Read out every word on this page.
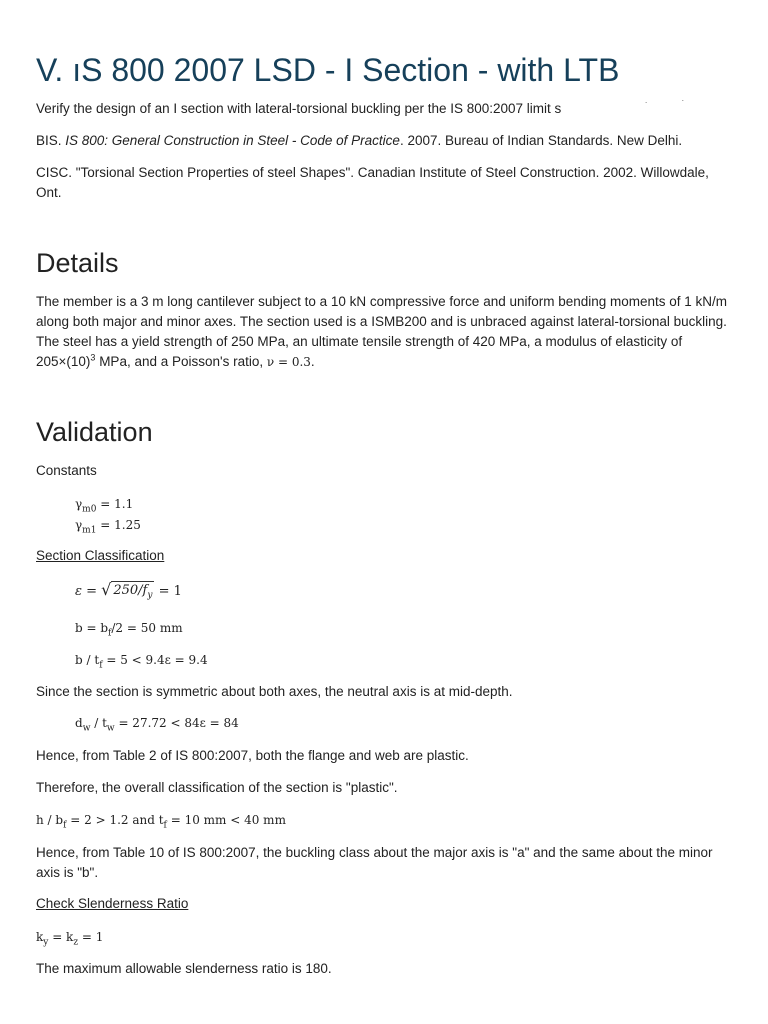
V. ıS 800 2007 LSD - I Section - with LTB

Verify the design of an I section with lateral-torsional buckling per the IS 800:2007 limit s

. ·

BIS. IS 800: General Construction in Steel - Code of Practice. 2007. Bureau of Indian Standards. New Delhi.

CISC. "Torsional Section Properties of steel Shapes". Canadian Institute of Steel Construction. 2002. Willowdale, Ont.

Details

The member is a 3 m long cantilever subject to a 10 kN compressive force and uniform bending moments of 1 kN/m along both major and minor axes. The section used is a ISMB200 and is unbraced against lateral-torsional buckling. The steel has a yield strength of 250 MPa, an ultimate tensile strength of 420 MPa, a modulus of elasticity of $205\times(10)^3$ MPa, and a Poisson's ratio, ν = 0.3.

Validation

Constants

$\gamma_{m0} = 1.1$

$\gamma_{m1} = 1.25$

Section Classification

ε = √ $250/f_y = 1$

$b = b_f/2 = 50$ mm

$b / t_f = 5 < 9.4\varepsilon = 9.4$

Since the section is symmetric about both axes, the neutral axis is at mid-depth.

$d_w / t_w = 27.72 < 84\varepsilon = 84$

Hence, from Table 2 of IS 800:2007, both the flange and web are plastic.

Therefore, the overall classification of the section is "plastic".

$h / b_f = 2 > 1.2$ and $t_f = 10$ mm < 40 mm

Hence, from Table 10 of IS 800:2007, the buckling class about the major axis is "a" and the same about the minor axis is "b".

Check Slenderness Ratio

$k_y = k_z = 1$

The maximum allowable slenderness ratio is 180.
